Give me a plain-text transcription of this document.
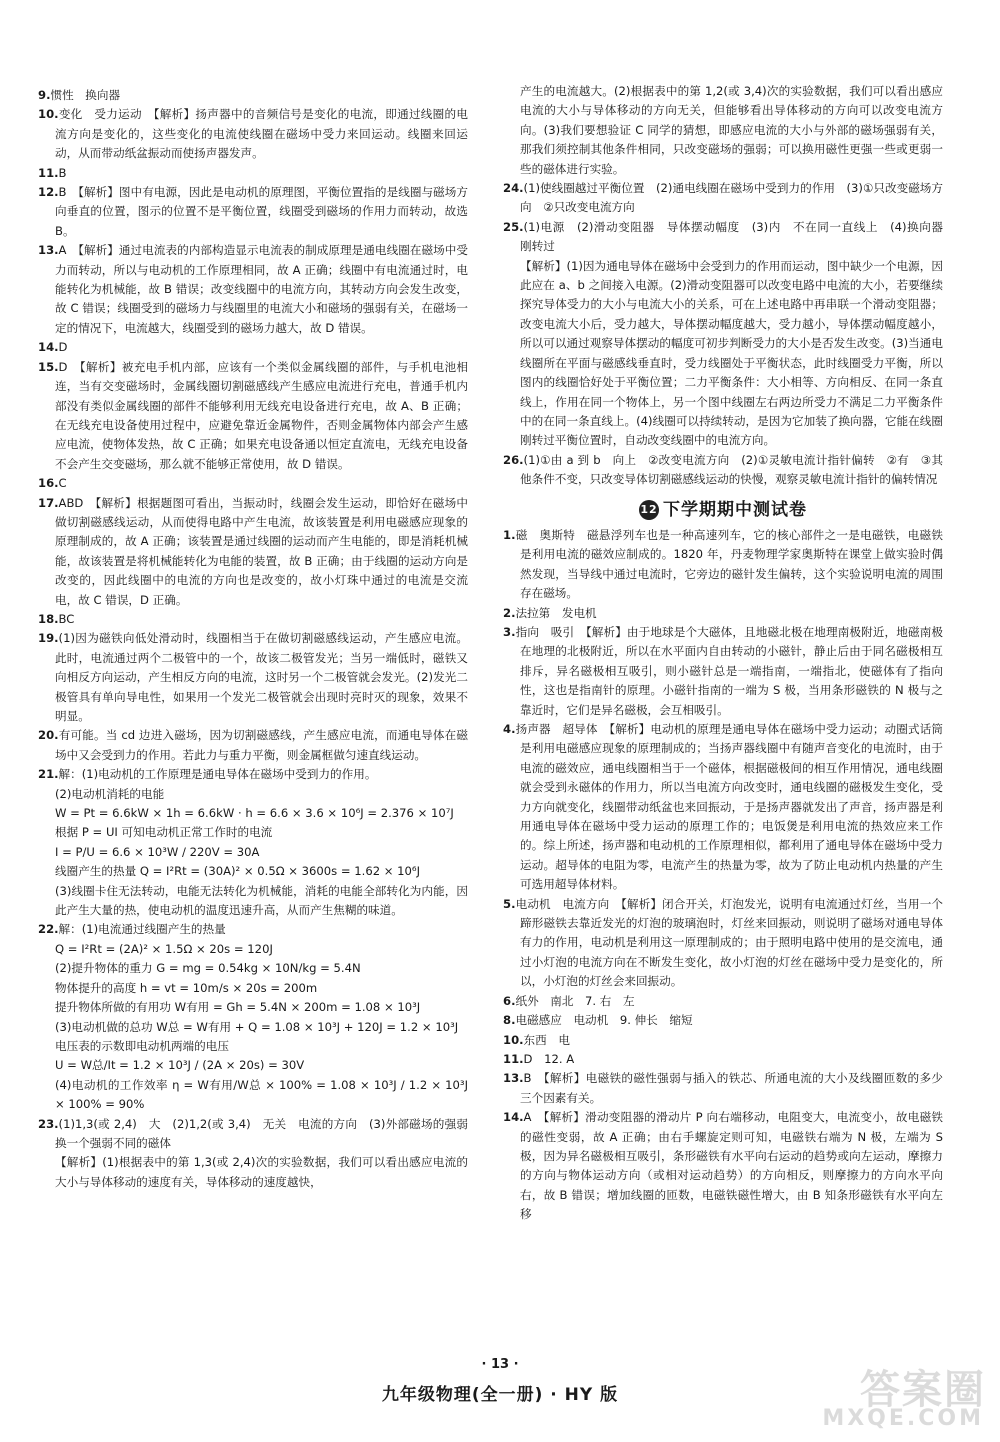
9.惯性　换向器

10.变化　受力运动　【解析】扬声器中的音频信号是变化的电流，即通过线圈的电流方向是变化的，这些变化的电流使线圈在磁场中受力来回运动。线圈来回运动，从而带动纸盆振动而使扬声器发声。

11.B

12.B　【解析】图中有电源，因此是电动机的原理图，平衡位置指的是线圈与磁场方向垂直的位置，图示的位置不是平衡位置，线圈受到磁场的作用力而转动，故选 B。

13.A　【解析】通过电流表的内部构造显示电流表的制成原理是通电线圈在磁场中受力而转动，所以与电动机的工作原理相同，故 A 正确；线圈中有电流通过时，电能转化为机械能，故 B 错误；改变线圈中的电流方向，其转动方向会发生改变，故 C 错误；线圈受到的磁场力与线圈里的电流大小和磁场的强弱有关，在磁场一定的情况下，电流越大，线圈受到的磁场力越大，故 D 错误。

14.D

15.D　【解析】被充电手机内部，应该有一个类似金属线圈的部件，与手机电池相连，当有交变磁场时，金属线圈切割磁感线产生感应电流进行充电，普通手机内部没有类似金属线圈的部件不能够利用无线充电设备进行充电，故 A、B 正确；在无线充电设备使用过程中，应避免靠近金属物件，否则金属物体内部会产生感应电流，使物体发热，故 C 正确；如果充电设备通以恒定直流电，无线充电设备不会产生交变磁场，那么就不能够正常使用，故 D 错误。

16.C

17.ABD　【解析】根据题图可看出，当振动时，线圈会发生运动，即恰好在磁场中做切割磁感线运动，从而使得电路中产生电流，故该装置是利用电磁感应现象的原理制成的，故 A 正确；该装置是通过线圈的运动而产生电能的，即是消耗机械能，故该装置是将机械能转化为电能的装置，故 B 正确；由于线圈的运动方向是改变的，因此线圈中的电流的方向也是改变的，故小灯珠中通过的电流是交流电，故 C 错误，D 正确。

18.BC

19.(1)因为磁铁向低处滑动时，线圈相当于在做切割磁感线运动，产生感应电流。此时，电流通过两个二极管中的一个，故该二极管发光；当另一端低时，磁铁又向相反方向运动，产生相反方向的电流，这时另一个二极管就会发光。(2)发光二极管具有单向导电性，如果用一个发光二极管就会出现时亮时灭的现象，效果不明显。

20.有可能。当 cd 边进入磁场，因为切割磁感线，产生感应电流，而通电导体在磁场中又会受到力的作用。若此力与重力平衡，则金属框做匀速直线运动。

21.解：(1)电动机的工作原理是通电导体在磁场中受到力的作用。

(2)电动机消耗的电能

W = Pt = 6.6kW × 1h = 6.6kW · h = 6.6 × 3.6 × 10⁶J = 2.376 × 10⁷J

根据 P = UI 可知电动机正常工作时的电流

I = P/U = 6.6 × 10³W / 220V = 30A

线圈产生的热量 Q = I²Rt = (30A)² × 0.5Ω × 3600s = 1.62 × 10⁶J

(3)线圈卡住无法转动，电能无法转化为机械能，消耗的电能全部转化为内能，因此产生大量的热，使电动机的温度迅速升高，从而产生焦糊的味道。

22.解：(1)电流通过线圈产生的热量

Q = I²Rt = (2A)² × 1.5Ω × 20s = 120J

(2)提升物体的重力 G = mg = 0.54kg × 10N/kg = 5.4N

物体提升的高度 h = vt = 10m/s × 20s = 200m

提升物体所做的有用功 W有用 = Gh = 5.4N × 200m = 1.08 × 10³J

(3)电动机做的总功 W总 = W有用 + Q = 1.08 × 10³J + 120J = 1.2 × 10³J

电压表的示数即电动机两端的电压

U = W总/It = 1.2 × 10³J / (2A × 20s) = 30V

(4)电动机的工作效率 η = W有用/W总 × 100% = 1.08 × 10³J / 1.2 × 10³J × 100% = 90%

23.(1)1,3(或 2,4)　大　(2)1,2(或 3,4)　无关　电流的方向　(3)外部磁场的强弱　换一个强弱不同的磁体

【解析】(1)根据表中的第 1,3(或 2,4)次的实验数据，我们可以看出感应电流的大小与导体移动的速度有关，导体移动的速度越快，

产生的电流越大。(2)根据表中的第 1,2(或 3,4)次的实验数据，我们可以看出感应电流的大小与导体移动的方向无关，但能够看出导体移动的方向可以改变电流方向。(3)我们要想验证 C 同学的猜想，即感应电流的大小与外部的磁场强弱有关，那我们须控制其他条件相同，只改变磁场的强弱；可以换用磁性更强一些或更弱一些的磁体进行实验。

24.(1)使线圈越过平衡位置　(2)通电线圈在磁场中受到力的作用　(3)①只改变磁场方向　②只改变电流方向

25.(1)电源　(2)滑动变阻器　导体摆动幅度　(3)内　不在同一直线上　(4)换向器　刚转过

【解析】(1)因为通电导体在磁场中会受到力的作用而运动，图中缺少一个电源，因此应在 a、b 之间接入电源。(2)滑动变阻器可以改变电路中电流的大小，若要继续探究导体受力的大小与电流大小的关系，可在上述电路中再串联一个滑动变阻器；改变电流大小后，受力越大，导体摆动幅度越大，受力越小，导体摆动幅度越小，所以可以通过观察导体摆动的幅度可初步判断受力的大小是否发生改变。(3)当通电线圈所在平面与磁感线垂直时，受力线圈处于平衡状态，此时线圈受力平衡，所以图内的线圈恰好处于平衡位置；二力平衡条件：大小相等、方向相反、在同一条直线上，作用在同一个物体上，另一个图中线圈左右两边所受力不满足二力平衡条件中的在同一条直线上。(4)线圈可以持续转动，是因为它加装了换向器，它能在线圈刚转过平衡位置时，自动改变线圈中的电流方向。

26.(1)①由 a 到 b　向上　②改变电流方向　(2)①灵敏电流计指针偏转　②有　③其他条件不变，只改变导体切割磁感线运动的快慢，观察灵敏电流计指针的偏转情况

12 下学期期中测试卷

1.磁　奥斯特　磁悬浮列车也是一种高速列车，它的核心部件之一是电磁铁，电磁铁是利用电流的磁效应制成的。1820 年，丹麦物理学家奥斯特在课堂上做实验时偶然发现，当导线中通过电流时，它旁边的磁针发生偏转，这个实验说明电流的周围存在磁场。

2.法拉第　发电机

3.指向　吸引　【解析】由于地球是个大磁体，且地磁北极在地理南极附近，地磁南极在地理的北极附近，所以在水平面内自由转动的小磁针，静止后由于同名磁极相互排斥，异名磁极相互吸引，则小磁针总是一端指南，一端指北，使磁体有了指向性，这也是指南针的原理。小磁针指南的一端为 S 极，当用条形磁铁的 N 极与之靠近时，它们是异名磁极，会互相吸引。

4.扬声器　超导体　【解析】电动机的原理是通电导体在磁场中受力运动；动圈式话筒是利用电磁感应现象的原理制成的；当扬声器线圈中有随声音变化的电流时，由于电流的磁效应，通电线圈相当于一个磁体，根据磁极间的相互作用情况，通电线圈就会受到永磁体的作用力，所以当电流方向改变时，通电线圈的磁极发生变化，受力方向就变化，线圈带动纸盆也来回振动，于是扬声器就发出了声音，扬声器是利用通电导体在磁场中受力运动的原理工作的；电饭煲是利用电流的热效应来工作的。综上所述，扬声器和电动机的工作原理相似，都利用了通电导体在磁场中受力运动。超导体的电阻为零，电流产生的热量为零，故为了防止电动机内热量的产生可选用超导体材料。

5.电动机　电流方向　【解析】闭合开关，灯泡发光，说明有电流通过灯丝，当用一个蹄形磁铁去靠近发光的灯泡的玻璃泡时，灯丝来回振动，则说明了磁场对通电导体有力的作用，电动机是利用这一原理制成的；由于照明电路中使用的是交流电，通过小灯泡的电流方向在不断发生变化，故小灯泡的灯丝在磁场中受力是变化的，所以，小灯泡的灯丝会来回振动。

6.纸外　南北　7. 右　左

8.电磁感应　电动机　9. 伸长　缩短

10.东西　电

11.D　12. A

13.B　【解析】电磁铁的磁性强弱与插入的铁芯、所通电流的大小及线圈匝数的多少三个因素有关。

14.A　【解析】滑动变阻器的滑动片 P 向右端移动，电阻变大，电流变小，故电磁铁的磁性变弱，故 A 正确；由右手螺旋定则可知，电磁铁右端为 N 极，左端为 S 极，因为异名磁极相互吸引，条形磁铁有水平向右运动的趋势或向左运动，摩擦力的方向与物体运动方向（或相对运动趋势）的方向相反，则摩擦力的方向水平向右，故 B 错误；增加线圈的匝数，电磁铁磁性增大，由 B 知条形磁铁有水平向左移

· 13 ·
九年级物理(全一册) · HY 版	答案圈
MXQE.COM
